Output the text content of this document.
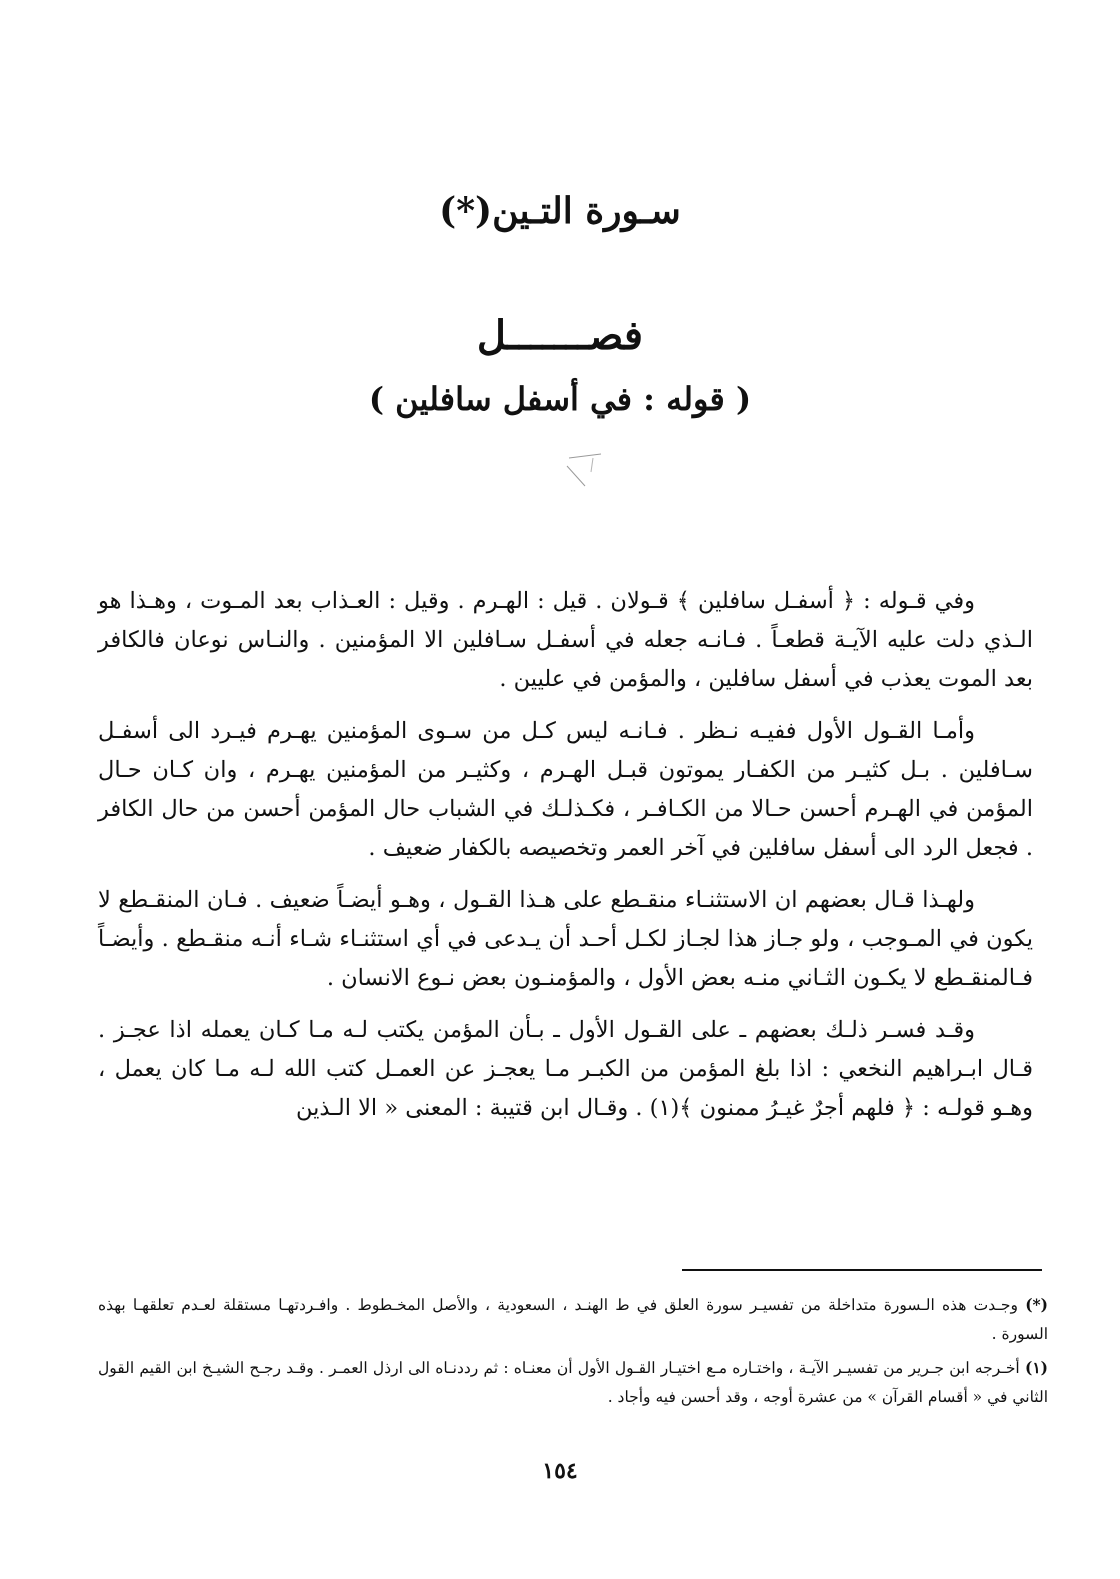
سـورة التـين(*)
فصـــــــل
( قوله : في أسفل سافلين )

وفي قـوله : ﴿ أسفـل سافلين ﴾ قـولان . قيل : الهـرم . وقيل : العـذاب بعد المـوت ، وهـذا هو الـذي دلت عليه الآيـة قطعـاً . فـانـه جعله في أسفـل سـافلين الا المؤمنين . والنـاس نوعان فالكافر بعد الموت يعذب في أسفل سافلين ، والمؤمن في عليين .

وأمـا القـول الأول ففيـه نـظر . فـانـه ليس كـل من سـوى المؤمنين يهـرم فيـرد الى أسفـل سـافلين . بـل كثيـر من الكفـار يموتون قبـل الهـرم ، وكثيـر من المؤمنين يهـرم ، وان كـان حـال المؤمن في الهـرم أحسن حـالا من الكـافـر ، فكـذلـك في الشباب حال المؤمن أحسن من حال الكافر . فجعل الرد الى أسفل سافلين في آخر العمر وتخصيصه بالكفار ضعيف .

ولهـذا قـال بعضهم ان الاستثنـاء منقـطع على هـذا القـول ، وهـو أيضـاً ضعيف . فـان المنقـطع لا يكون في المـوجب ، ولو جـاز هذا لجـاز لكـل أحـد أن يـدعى في أي استثنـاء شـاء أنـه منقـطع . وأيضـاً فـالمنقـطع لا يكـون الثـاني منـه بعض الأول ، والمؤمنـون بعض نـوع الانسان .

وقـد فسـر ذلـك بعضهم ـ على القـول الأول ـ بـأن المؤمن يكتب لـه مـا كـان يعمله اذا عجـز . قـال ابـراهيم النخعي : اذا بلغ المؤمن من الكبـر مـا يعجـز عن العمـل كتب الله لـه مـا كان يعمل ، وهـو قولـه : ﴿ فلهم أجرٌ غيـرُ ممنون ﴾(١) . وقـال ابن قتيبة : المعنى « الا الـذين

(*) وجـدت هذه الـسورة متداخلة من تفسيـر سورة العلق في ط الهنـد ، السعودية ، والأصل المخـطوط . وافـردتهـا مستقلة لعـدم تعلقهـا بهذه السورة .

(١) أخـرجه ابن جـرير من تفسيـر الآيـة ، واختـاره مـع اختيـار القـول الأول أن معنـاه : ثم رددنـاه الى ارذل العمـر . وقـد رجـح الشيـخ ابن القيم القول الثاني في « أقسام القرآن » من عشرة أوجه ، وقد أحسن فيه وأجاد .

١٥٤
